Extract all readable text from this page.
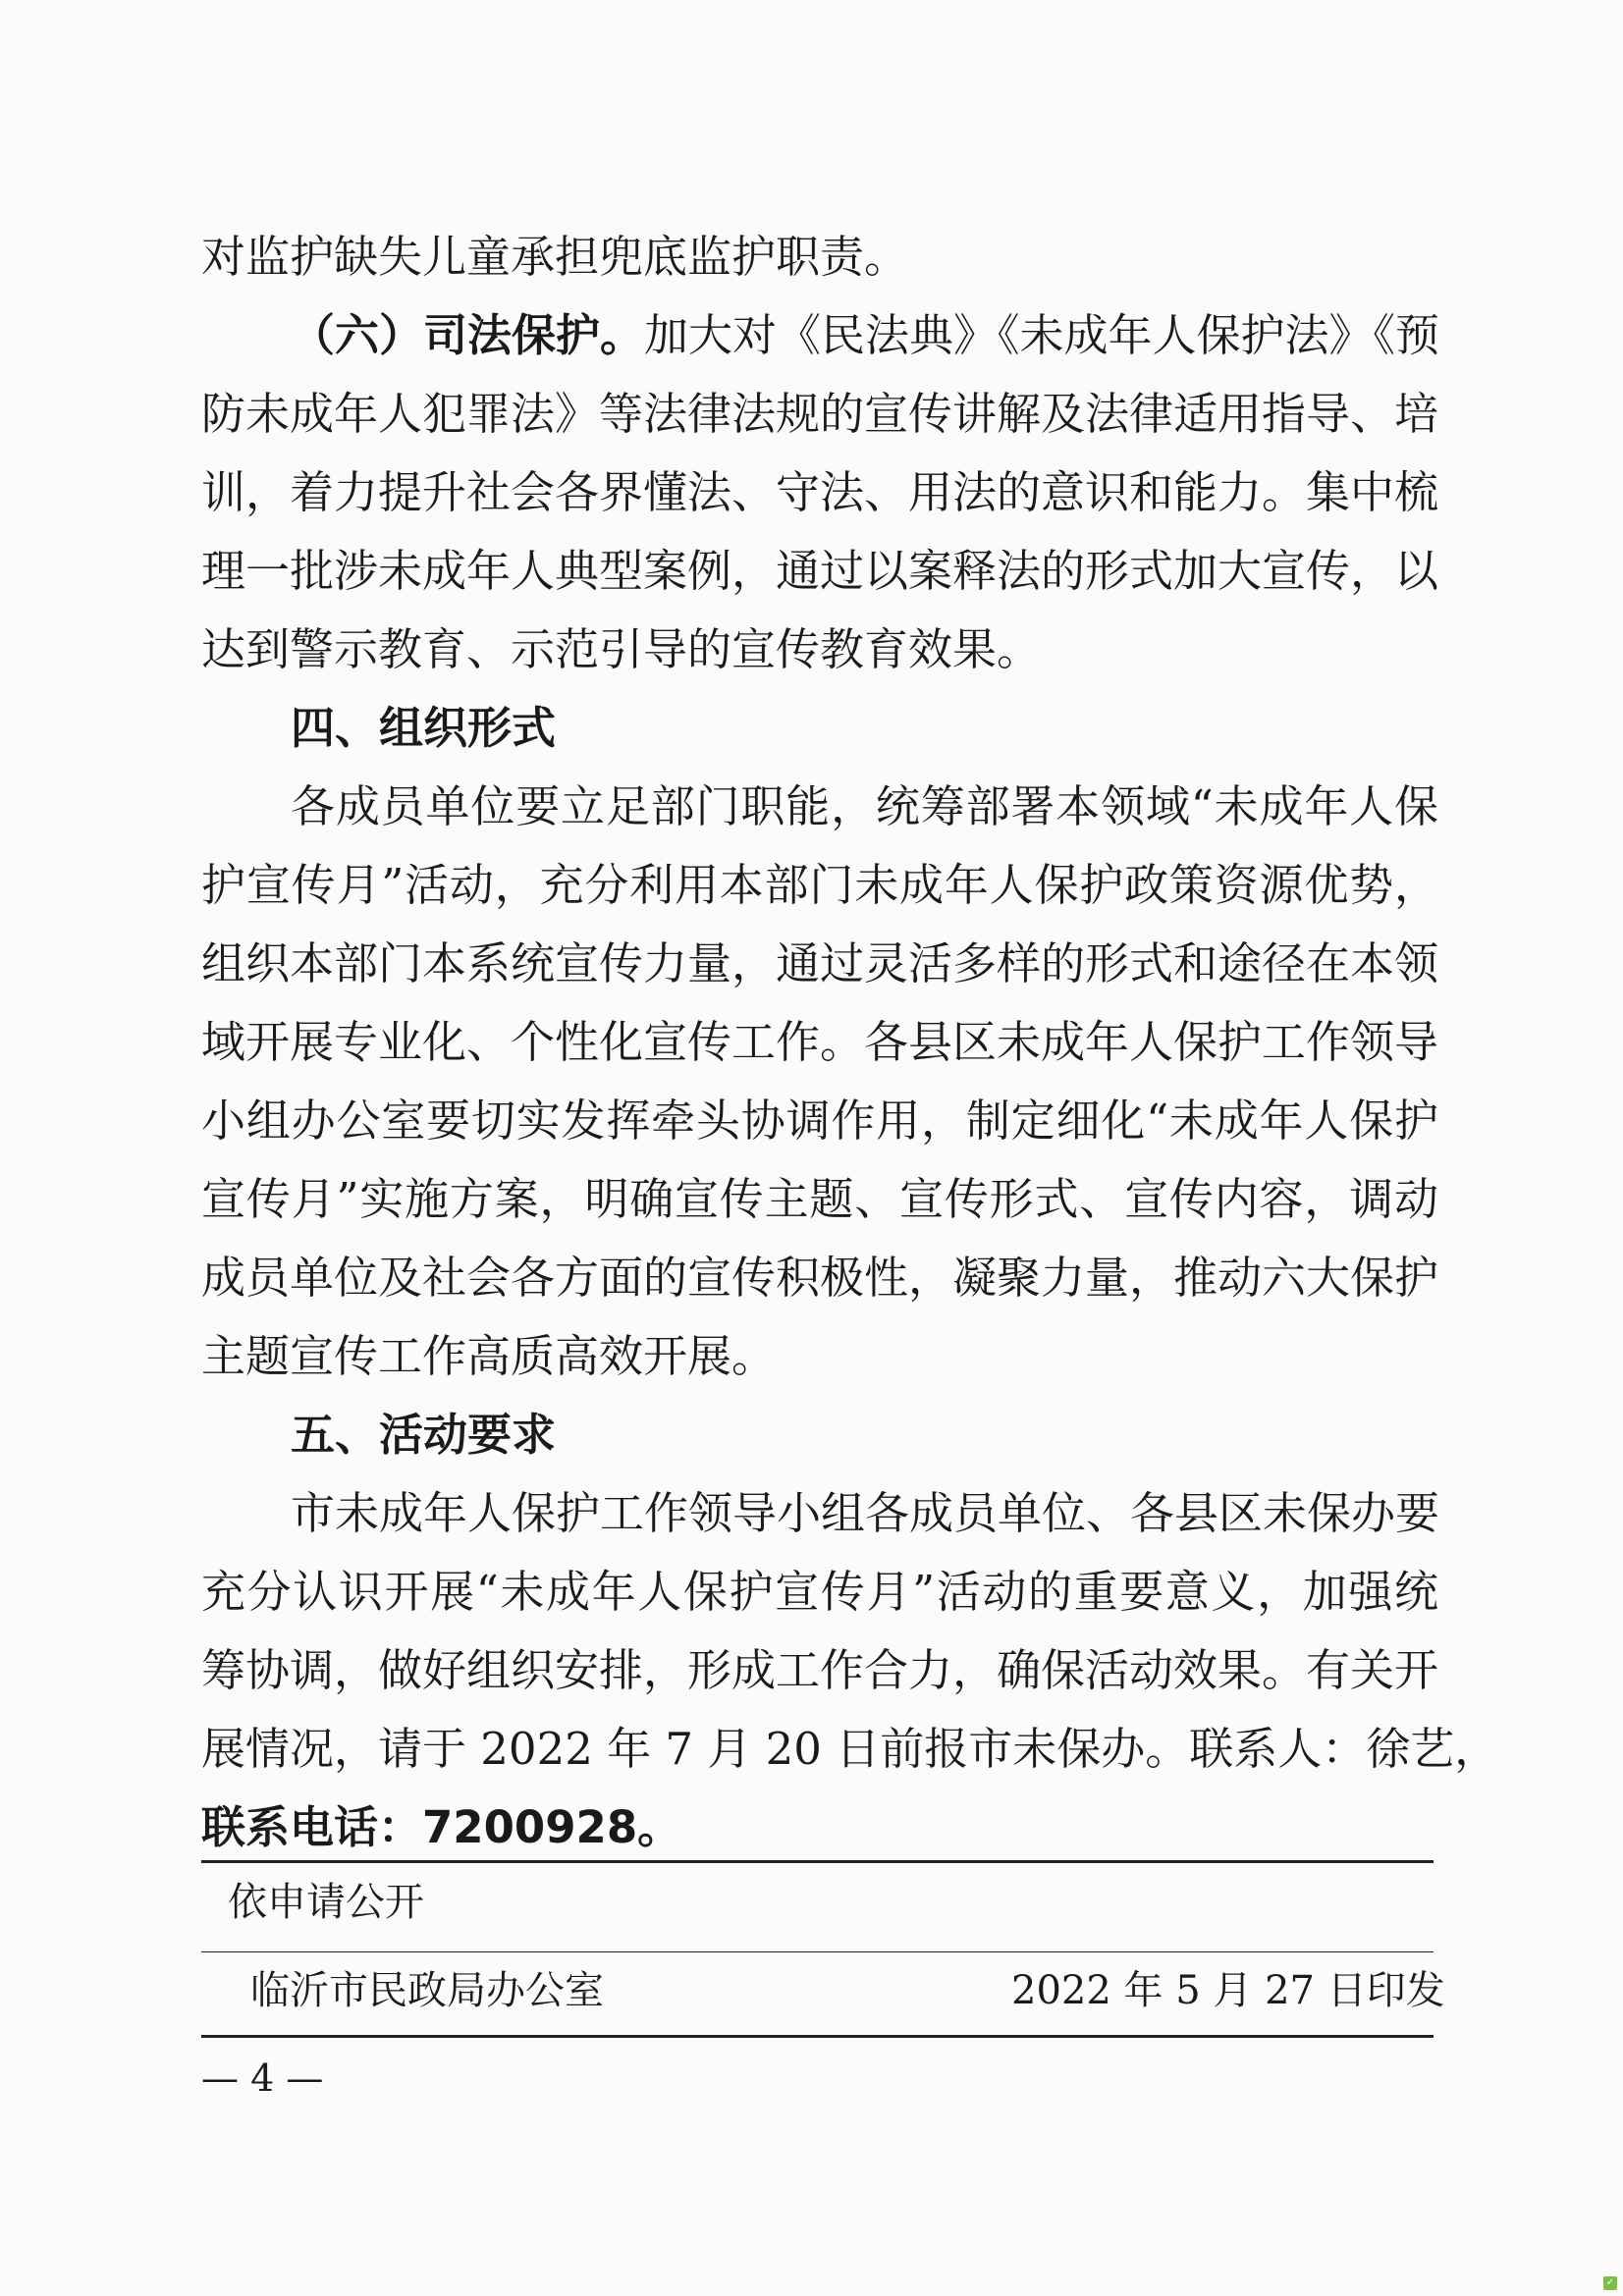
对监护缺失儿童承担兜底监护职责。
（六）司法保护。加大对《民法典》《未成年人保护法》《预
防未成年人犯罪法》等法律法规的宣传讲解及法律适用指导、培
训，着力提升社会各界懂法、守法、用法的意识和能力。集中梳
理一批涉未成年人典型案例，通过以案释法的形式加大宣传，以
达到警示教育、示范引导的宣传教育效果。
四、组织形式
各成员单位要立足部门职能，统筹部署本领域“未成年人保
护宣传月”活动，充分利用本部门未成年人保护政策资源优势，
组织本部门本系统宣传力量，通过灵活多样的形式和途径在本领
域开展专业化、个性化宣传工作。各县区未成年人保护工作领导
小组办公室要切实发挥牵头协调作用，制定细化“未成年人保护
宣传月”实施方案，明确宣传主题、宣传形式、宣传内容，调动
成员单位及社会各方面的宣传积极性，凝聚力量，推动六大保护
主题宣传工作高质高效开展。
五、活动要求
市未成年人保护工作领导小组各成员单位、各县区未保办要
充分认识开展“未成年人保护宣传月”活动的重要意义，加强统
筹协调，做好组织安排，形成工作合力，确保活动效果。有关开
展情况，请于 2022 年 7 月 20 日前报市未保办。联系人：徐艺，
联系电话：7200928。
依申请公开
临沂市民政局办公室	2022 年 5 月 27 日印发
— 4 —
✓
